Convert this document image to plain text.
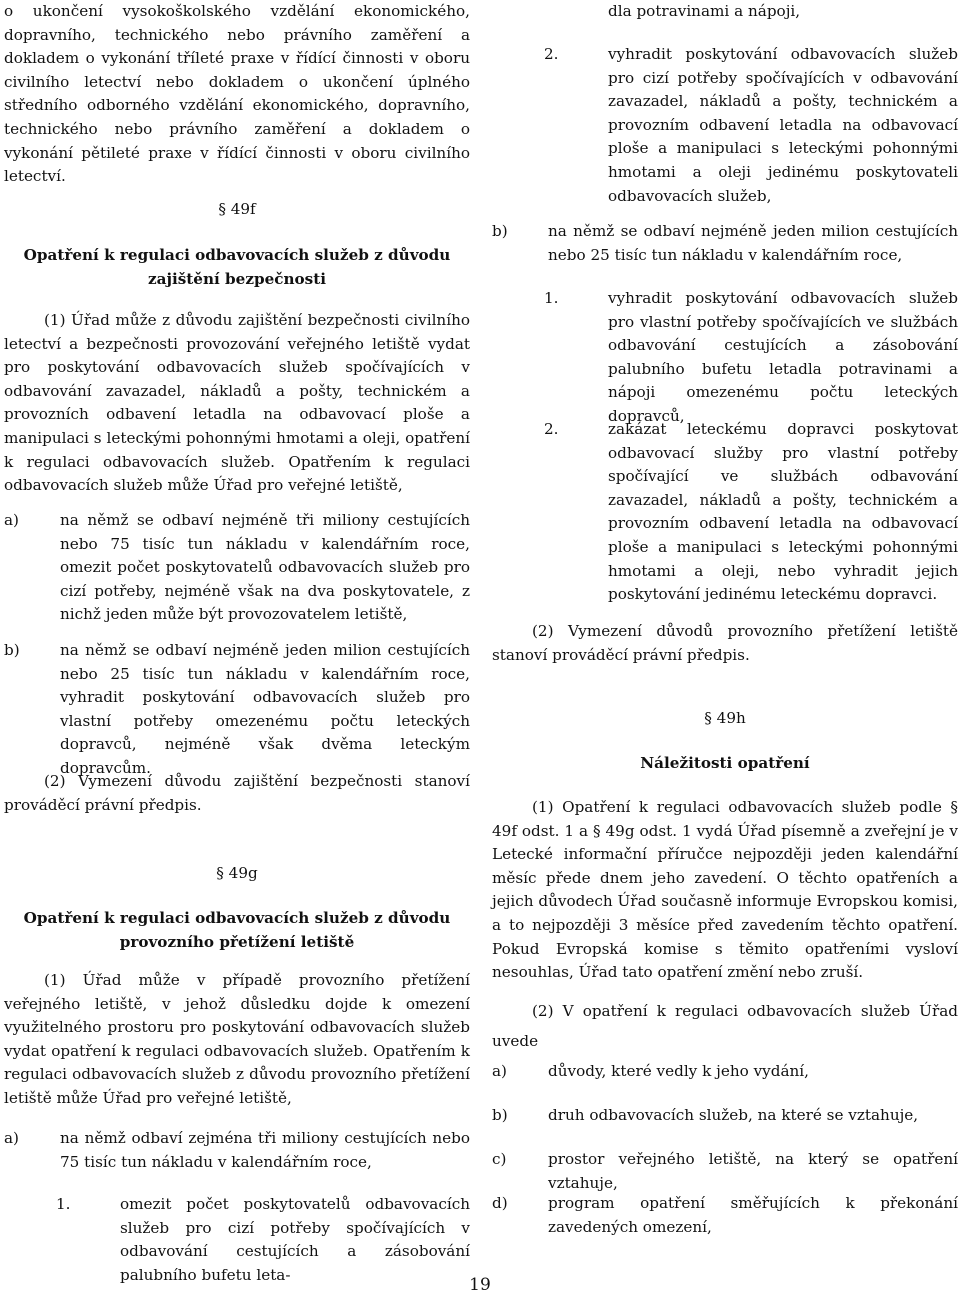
o ukončení vysokoškolského vzdělání ekonomického, dopravního, technického nebo právního zaměření a dokladem o vykonání tříleté praxe v řídící činnosti v oboru civilního letectví nebo dokladem o ukončení úplného středního odborného vzdělání ekonomického, dopravního, technického nebo právního zaměření a dokladem o vykonání pětileté praxe v řídící činnosti v oboru civilního letectví.

§ 49f
Opatření k regulaci odbavovacích služeb z důvodu zajištění bezpečnosti

(1) Úřad může z důvodu zajištění bezpečnosti civilního letectví a bezpečnosti provozování veřejného letiště vydat pro poskytování odbavovacích služeb spočívajících v odbavování zavazadel, nákladů a pošty, technickém a provozních odbavení letadla na odbavovací ploše a manipulaci s leteckými pohonnými hmotami a oleji, opatření k regulaci odbavovacích služeb. Opatřením k regulaci odbavovacích služeb může Úřad pro veřejné letiště,

a)	na němž se odbaví nejméně tři miliony cestujících nebo 75 tisíc tun nákladu v kalendářním roce, omezit počet poskytovatelů odbavovacích služeb pro cizí potřeby, nejméně však na dva poskytovatele, z nichž jeden může být provozovatelem letiště,

b)	na němž se odbaví nejméně jeden milion cestujících nebo 25 tisíc tun nákladu v kalendářním roce, vyhradit poskytování odbavovacích služeb pro vlastní potřeby omezenému počtu leteckých dopravců, nejméně však dvěma leteckým dopravcům.

(2) Vymezení důvodu zajištění bezpečnosti stanoví prováděcí právní předpis.

§ 49g
Opatření k regulaci odbavovacích služeb z důvodu provozního přetížení letiště

(1) Úřad může v případě provozního přetížení veřejného letiště, v jehož důsledku dojde k omezení využitelného prostoru pro poskytování odbavovacích služeb vydat opatření k regulaci odbavovacích služeb. Opatřením k regulaci odbavovacích služeb z důvodu provozního přetížení letiště může Úřad pro veřejné letiště,

a)	na němž odbaví zejména tři miliony cestujících nebo 75 tisíc tun nákladu v kalendářním roce,

1.	omezit počet poskytovatelů odbavovacích služeb pro cizí potřeby spočívajících v odbavování cestujících a zásobování palubního bufetu leta-

dla potravinami a nápoji,

2.	vyhradit poskytování odbavovacích služeb pro cizí potřeby spočívajících v odbavování zavazadel, nákladů a pošty, technickém a provozním odbavení letadla na odbavovací ploše a manipulaci s leteckými pohonnými hmotami a oleji jedinému poskytovateli odbavovacích služeb,

b)	na němž se odbaví nejméně jeden milion cestujících nebo 25 tisíc tun nákladu v kalendářním roce,

1.	vyhradit poskytování odbavovacích služeb pro vlastní potřeby spočívajících ve službách odbavování cestujících a zásobování palubního bufetu letadla potravinami a nápoji omezenému počtu leteckých dopravců,

2.	zakázat leteckému dopravci poskytovat odbavovací služby pro vlastní potřeby spočívající ve službách odbavování zavazadel, nákladů a pošty, technickém a provozním odbavení letadla na odbavovací ploše a manipulaci s leteckými pohonnými hmotami a oleji, nebo vyhradit jejich poskytování jedinému leteckému dopravci.

(2) Vymezení důvodů provozního přetížení letiště stanoví prováděcí právní předpis.

§ 49h
Náležitosti opatření

(1) Opatření k regulaci odbavovacích služeb podle § 49f odst. 1 a § 49g odst. 1 vydá Úřad písemně a zveřejní je v Letecké informační příručce nejpozději jeden kalendářní měsíc přede dnem jeho zavedení. O těchto opatřeních a jejich důvodech Úřad současně informuje Evropskou komisi, a to nejpozději 3 měsíce před zavedením těchto opatření. Pokud Evropská komise s těmito opatřeními vysloví nesouhlas, Úřad tato opatření změní nebo zruší.

(2) V opatření k regulaci odbavovacích služeb Úřad uvede

a)	důvody, které vedly k jeho vydání,

b)	druh odbavovacích služeb, na které se vztahuje,

c)	prostor veřejného letiště, na který se opatření vztahuje,

d)	program opatření směřujících k překonání zavedených omezení,

19
